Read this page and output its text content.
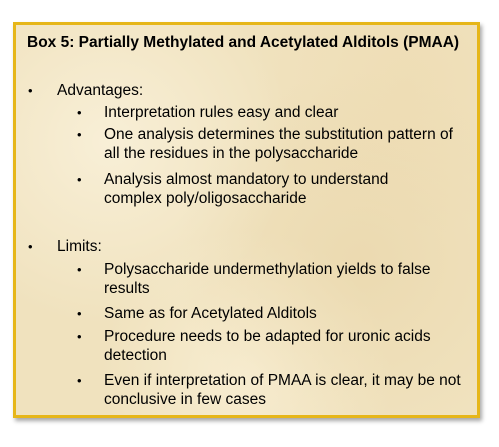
Box 5: Partially Methylated and Acetylated Alditols (PMAA)
• Advantages:
• Interpretation rules easy and clear
• One analysis determines the substitution pattern of all the residues in the polysaccharide
• Analysis almost mandatory to understand complex poly/oligosaccharide
• Limits:
• Polysaccharide undermethylation yields to false results
• Same as for Acetylated Alditols
• Procedure needs to be adapted for uronic acids detection
• Even if interpretation of PMAA is clear, it may be not conclusive in few cases
